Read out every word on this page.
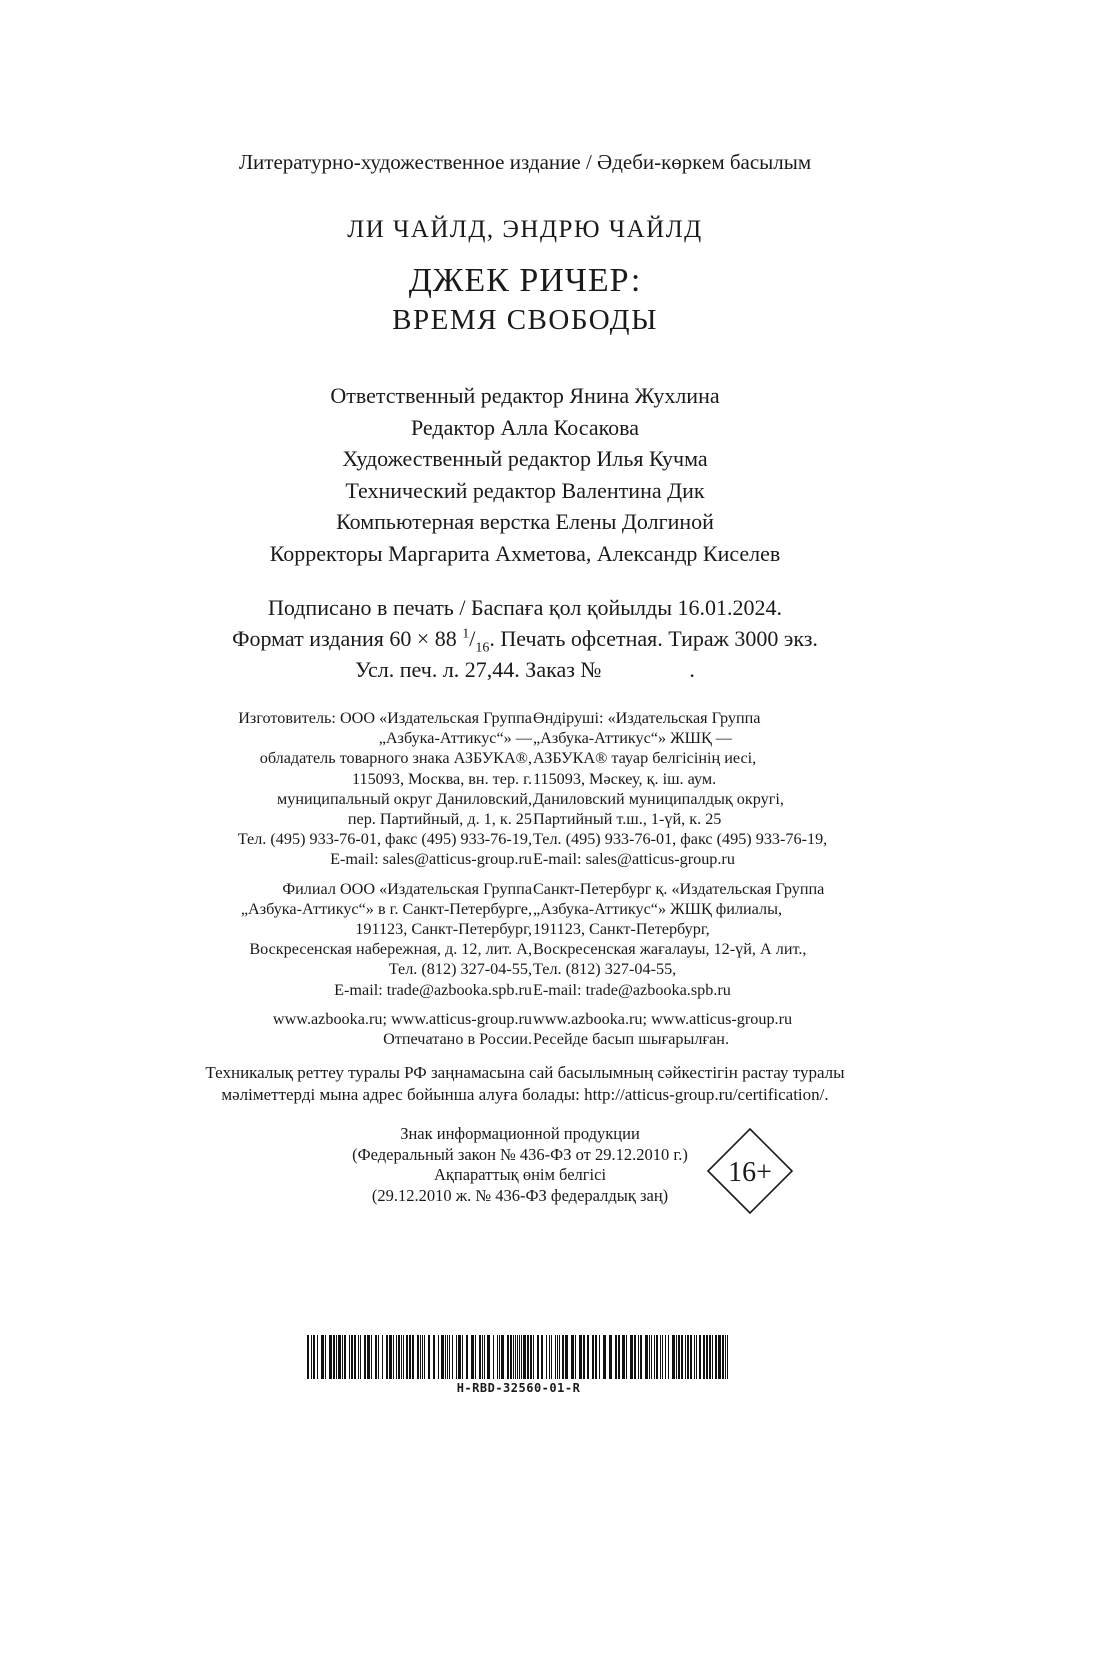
Литературно-художественное издание / Әдеби-көркем басылым
ЛИ ЧАЙЛД, ЭНДРЮ ЧАЙЛД
ДЖЕК РИЧЕР:
ВРЕМЯ СВОБОДЫ
Ответственный редактор Янина Жухлина
Редактор Алла Косакова
Художественный редактор Илья Кучма
Технический редактор Валентина Дик
Компьютерная верстка Елены Долгиной
Корректоры Маргарита Ахметова, Александр Киселев
Подписано в печать / Баспаға қол қойылды 16.01.2024.
Формат издания 60 × 88 $^1/_{16}$. Печать офсетная. Тираж 3000 экз.
Усл. печ. л. 27,44. Заказ №                .
Изготовитель: ООО «Издательская Группа
„Азбука-Аттикус“» —
обладатель товарного знака АЗБУКА®,
115093, Москва, вн. тер. г.
муниципальный округ Даниловский,
пер. Партийный, д. 1, к. 25
Тел. (495) 933-76-01, факс (495) 933-76-19,
E-mail: sales@atticus-group.ru
Филиал ООО «Издательская Группа
„Азбука-Аттикус“» в г. Санкт-Петербурге,
191123, Санкт-Петербург,
Воскресенская набережная, д. 12, лит. А,
Тел. (812) 327-04-55,
E-mail: trade@azbooka.spb.ru
www.azbooka.ru; www.atticus-group.ru
Отпечатано в России.
Өндіруші: «Издательская Группа
„Азбука-Аттикус“» ЖШҚ —
АЗБУКА® тауар белгісінің иесі,
115093, Мәскеу, қ. іш. аум.
Даниловский муниципалдық округі,
Партийный т.ш., 1-үй, к. 25
Тел. (495) 933-76-01, факс (495) 933-76-19,
E-mail: sales@atticus-group.ru
Санкт-Петербург қ. «Издательская Группа
„Азбука-Аттикус“» ЖШҚ филиалы,
191123, Санкт-Петербург,
Воскресенская жағалауы, 12-үй, А лит.,
Тел. (812) 327-04-55,
E-mail: trade@azbooka.spb.ru
www.azbooka.ru; www.atticus-group.ru
Ресейде басып шығарылған.
Техникалық реттеу туралы РФ заңнамасына сай басылымның сәйкестігін растау туралы
мәліметтерді мына адрес бойынша алуға болады: http://atticus-group.ru/certification/.
Знак информационной продукции
(Федеральный закон № 436-ФЗ от 29.12.2010 г.)
Ақпараттық өнім белгісі
(29.12.2010 ж. № 436-ФЗ федералдық заң)
16+
H-RBD-32560-01-R
